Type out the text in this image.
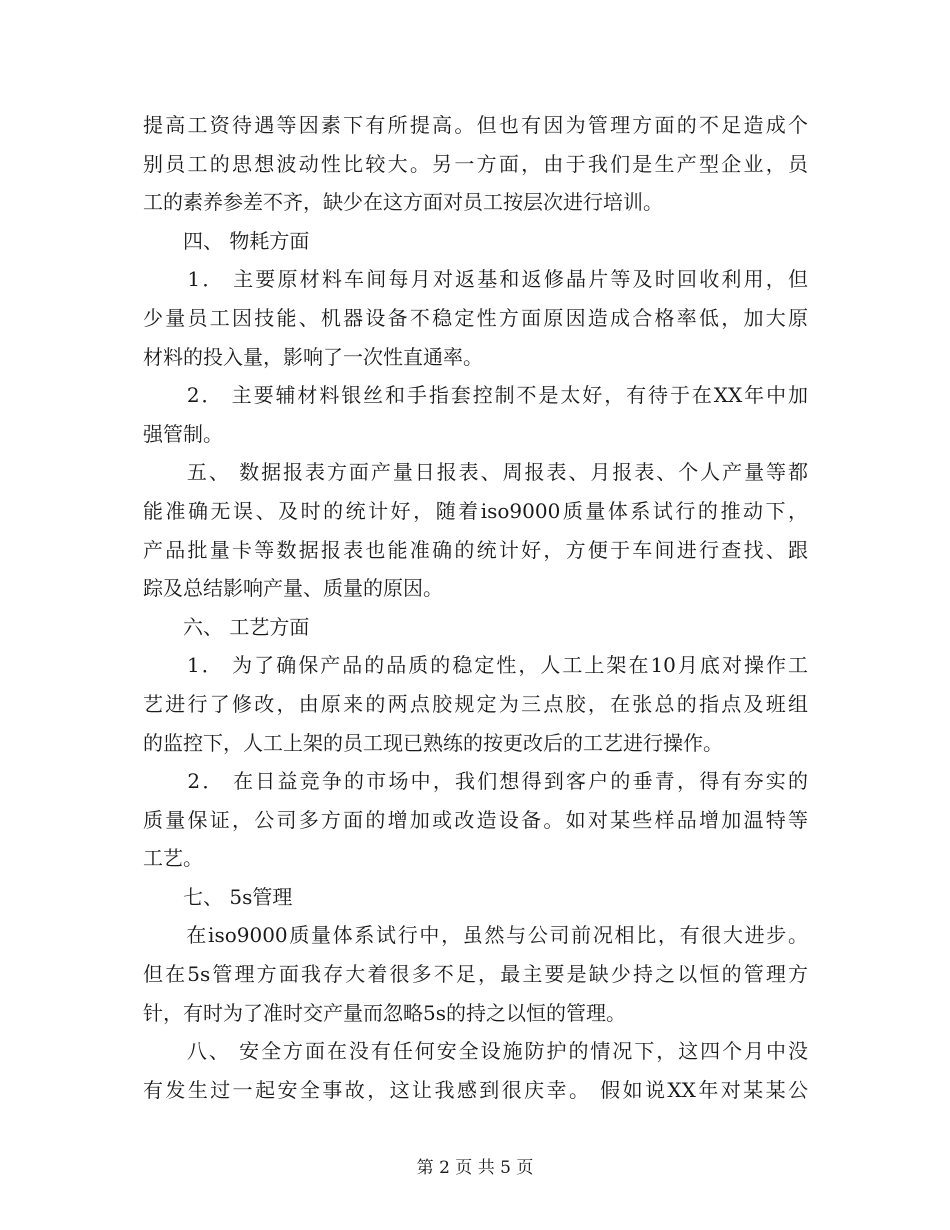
提高工资待遇等因素下有所提高。但也有因为管理方面的不足造成个
别员工的思想波动性比较大。另一方面，由于我们是生产型企业，员
工的素养参差不齐，缺少在这方面对员工按层次进行培训。
　　四、 物耗方面
　　1． 主要原材料车间每月对返基和返修晶片等及时回收利用，但
少量员工因技能、机器设备不稳定性方面原因造成合格率低，加大原
材料的投入量，影响了一次性直通率。
　　2． 主要辅材料银丝和手指套控制不是太好，有待于在XX年中加
强管制。
　　五、 数据报表方面产量日报表、周报表、月报表、个人产量等都
能准确无误、及时的统计好，随着iso9000质量体系试行的推动下，
产品批量卡等数据报表也能准确的统计好，方便于车间进行查找、跟
踪及总结影响产量、质量的原因。
　　六、 工艺方面
　　1． 为了确保产品的品质的稳定性，人工上架在10月底对操作工
艺进行了修改，由原来的两点胶规定为三点胶，在张总的指点及班组
的监控下，人工上架的员工现已熟练的按更改后的工艺进行操作。
　　2． 在日益竞争的市场中，我们想得到客户的垂青，得有夯实的
质量保证，公司多方面的增加或改造设备。如对某些样品增加温特等
工艺。
　　七、 5s管理
　　在iso9000质量体系试行中，虽然与公司前况相比，有很大进步。
但在5s管理方面我存大着很多不足，最主要是缺少持之以恒的管理方
针，有时为了准时交产量而忽略5s的持之以恒的管理。
　　八、 安全方面在没有任何安全设施防护的情况下，这四个月中没
有发生过一起安全事故，这让我感到很庆幸。 假如说XX年对某某公
第 2 页 共 5 页
